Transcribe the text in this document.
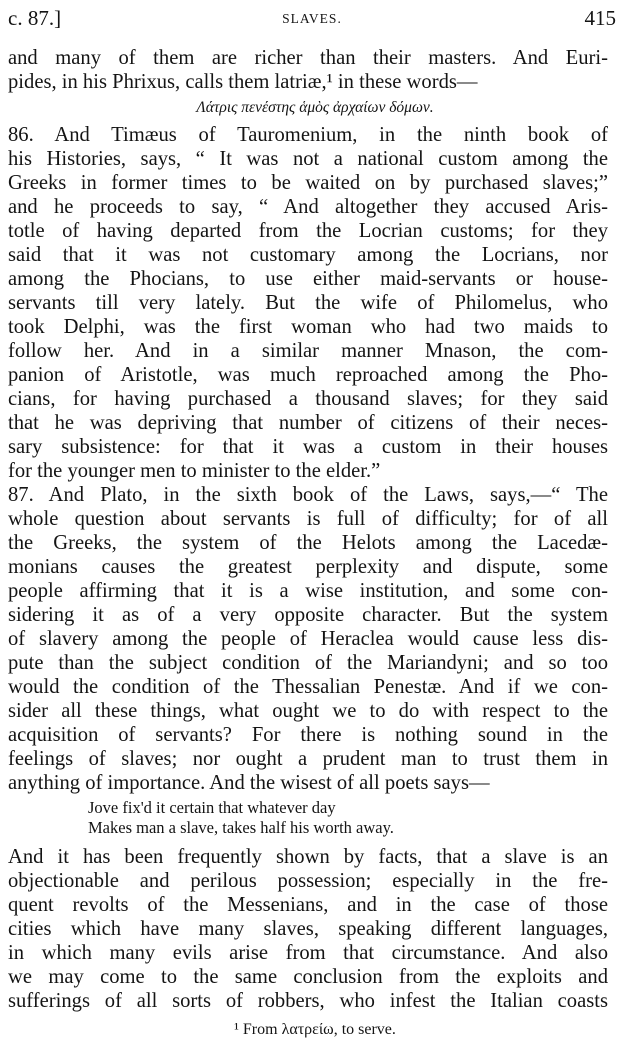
c. 87.]	SLAVES.	415
and many of them are richer than their masters. And Euri-
pides, in his Phrixus, calls them latriæ,¹ in these words—
Λάτρις πενέστης ἁμὸς ἀρχαίων δόμων.
86. And Timæus of Tauromenium, in the ninth book of
his Histories, says, “ It was not a national custom among the
Greeks in former times to be waited on by purchased slaves;”
and he proceeds to say, “ And altogether they accused Aris-
totle of having departed from the Locrian customs; for they
said that it was not customary among the Locrians, nor
among the Phocians, to use either maid-servants or house-
servants till very lately. But the wife of Philomelus, who
took Delphi, was the first woman who had two maids to
follow her. And in a similar manner Mnason, the com-
panion of Aristotle, was much reproached among the Pho-
cians, for having purchased a thousand slaves; for they said
that he was depriving that number of citizens of their neces-
sary subsistence: for that it was a custom in their houses
for the younger men to minister to the elder.”
87. And Plato, in the sixth book of the Laws, says,—“ The
whole question about servants is full of difficulty; for of all
the Greeks, the system of the Helots among the Lacedæ-
monians causes the greatest perplexity and dispute, some
people affirming that it is a wise institution, and some con-
sidering it as of a very opposite character. But the system
of slavery among the people of Heraclea would cause less dis-
pute than the subject condition of the Mariandyni; and so too
would the condition of the Thessalian Penestæ. And if we con-
sider all these things, what ought we to do with respect to the
acquisition of servants? For there is nothing sound in the
feelings of slaves; nor ought a prudent man to trust them in
anything of importance. And the wisest of all poets says—
Jove fix'd it certain that whatever day
Makes man a slave, takes half his worth away.
And it has been frequently shown by facts, that a slave is an
objectionable and perilous possession; especially in the fre-
quent revolts of the Messenians, and in the case of those
cities which have many slaves, speaking different languages,
in which many evils arise from that circumstance. And also
we may come to the same conclusion from the exploits and
sufferings of all sorts of robbers, who infest the Italian coasts
¹ From λατρείω, to serve.
